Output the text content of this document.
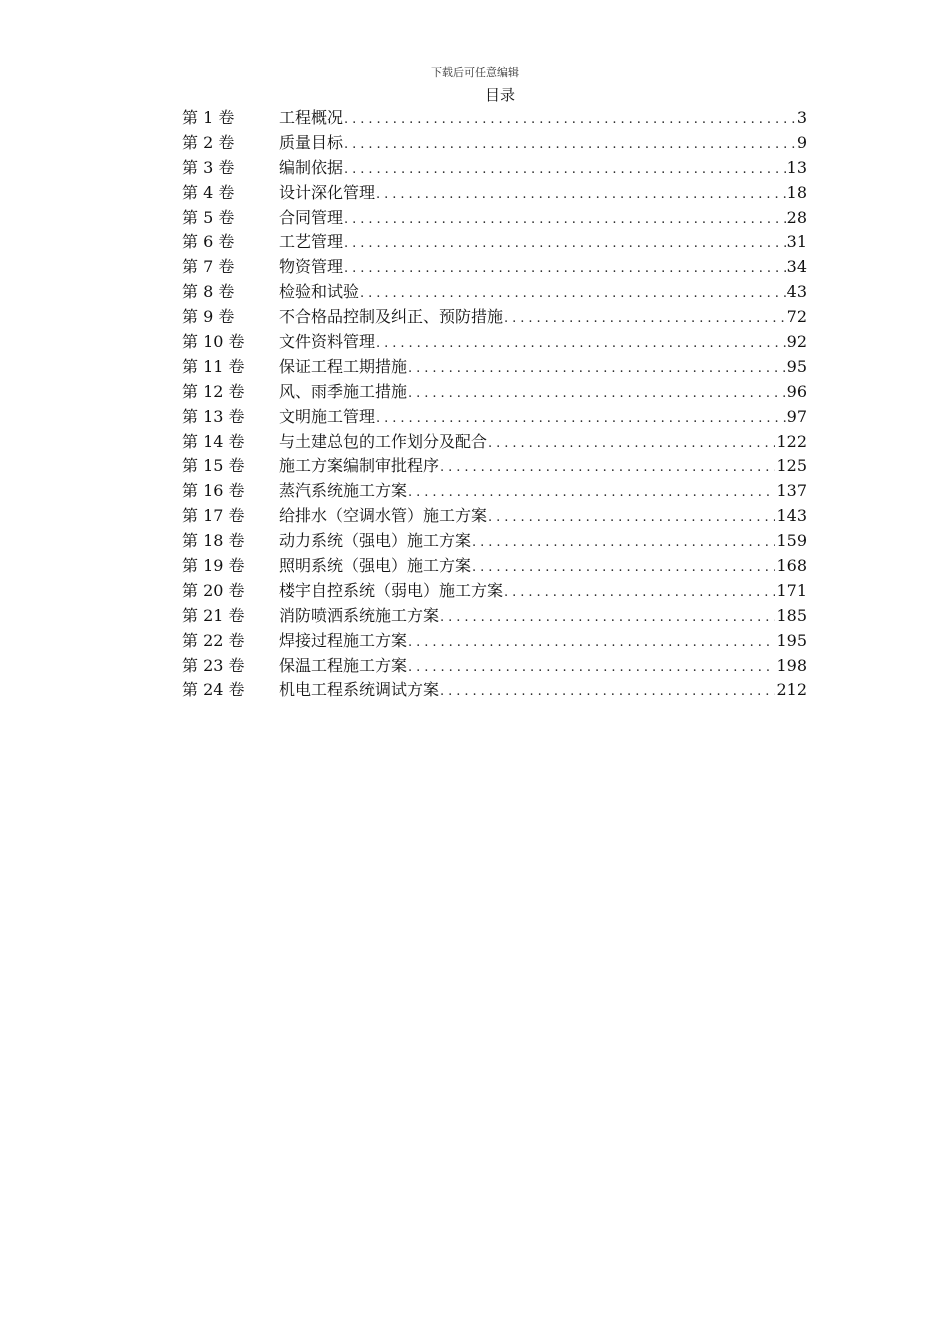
下载后可任意编辑
目录
第 1 卷	工程概况 .....	3
第 2 卷	质量目标 .....	9
第 3 卷	编制依据 .....	13
第 4 卷	设计深化管理 .....	18
第 5 卷	合同管理 .....	28
第 6 卷	工艺管理 .....	31
第 7 卷	物资管理 .....	34
第 8 卷	检验和试验 .....	43
第 9 卷	不合格品控制及纠正、预防措施 .....	72
第 10 卷	文件资料管理 .....	92
第 11 卷	保证工程工期措施 .....	95
第 12 卷	风、雨季施工措施 .....	96
第 13 卷	文明施工管理 .....	97
第 14 卷	与土建总包的工作划分及配合 .....	122
第 15 卷	施工方案编制审批程序 .....	125
第 16 卷	蒸汽系统施工方案 .....	137
第 17 卷	给排水（空调水管）施工方案 .....	143
第 18 卷	动力系统（强电）施工方案 .....	159
第 19 卷	照明系统（强电）施工方案 .....	168
第 20 卷	楼宇自控系统（弱电）施工方案 .....	171
第 21 卷	消防喷洒系统施工方案 .....	185
第 22 卷	焊接过程施工方案 .....	195
第 23 卷	保温工程施工方案 .....	198
第 24 卷	机电工程系统调试方案 .....	212
